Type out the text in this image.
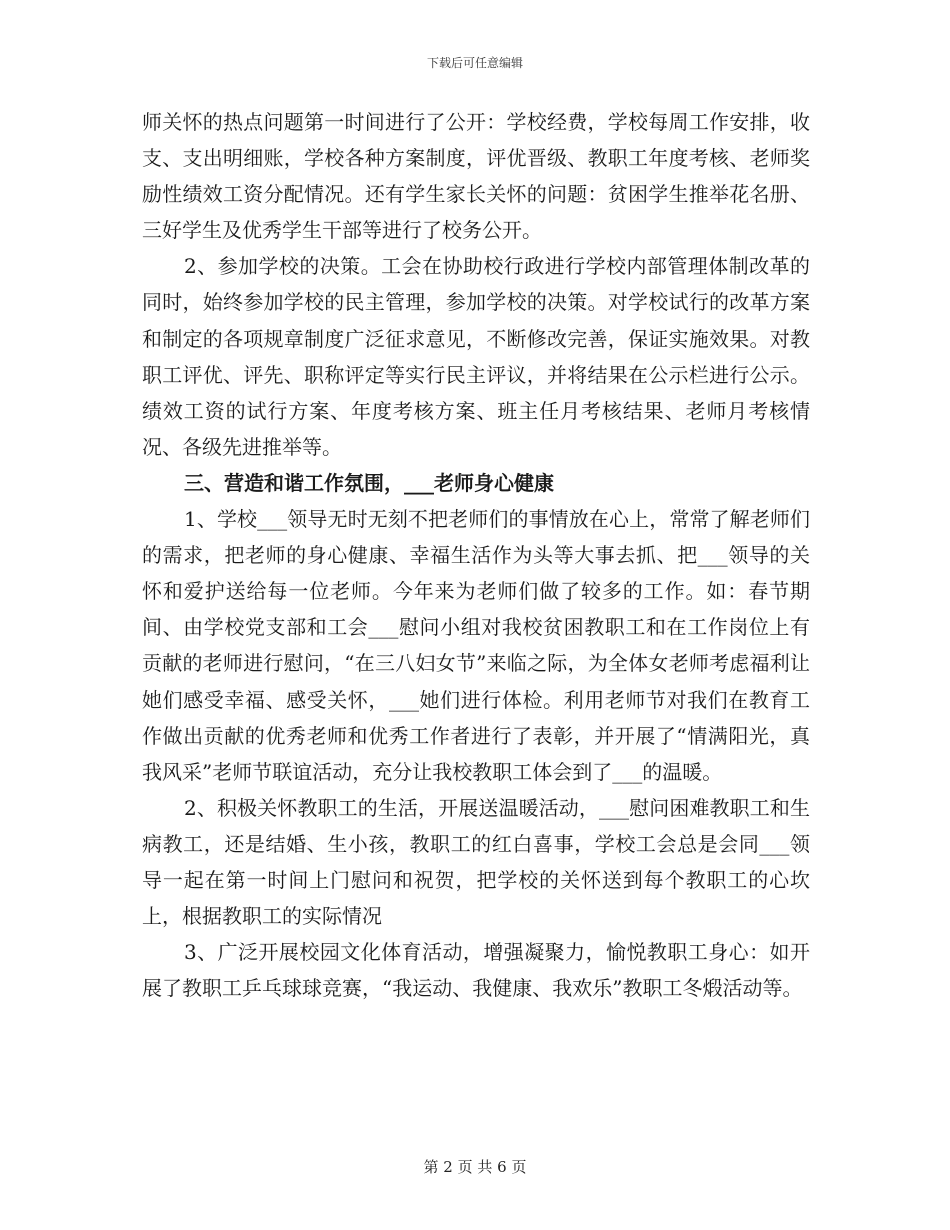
下载后可任意编辑

师关怀的热点问题第一时间进行了公开：学校经费，学校每周工作安排，收支、支出明细账，学校各种方案制度，评优晋级、教职工年度考核、老师奖励性绩效工资分配情况。还有学生家长关怀的问题：贫困学生推举花名册、三好学生及优秀学生干部等进行了校务公开。

2、参加学校的决策。工会在协助校行政进行学校内部管理体制改革的同时，始终参加学校的民主管理，参加学校的决策。对学校试行的改革方案和制定的各项规章制度广泛征求意见，不断修改完善，保证实施效果。对教职工评优、评先、职称评定等实行民主评议，并将结果在公示栏进行公示。绩效工资的试行方案、年度考核方案、班主任月考核结果、老师月考核情况、各级先进推举等。

三、营造和谐工作氛围，___老师身心健康

1、学校___领导无时无刻不把老师们的事情放在心上，常常了解老师们的需求，把老师的身心健康、幸福生活作为头等大事去抓、把___领导的关怀和爱护送给每一位老师。今年来为老师们做了较多的工作。如：春节期间、由学校党支部和工会___慰问小组对我校贫困教职工和在工作岗位上有贡献的老师进行慰问，“在三八妇女节”来临之际，为全体女老师考虑福利让她们感受幸福、感受关怀，___她们进行体检。利用老师节对我们在教育工作做出贡献的优秀老师和优秀工作者进行了表彰，并开展了“情满阳光，真我风采”老师节联谊活动，充分让我校教职工体会到了___的温暖。

2、积极关怀教职工的生活，开展送温暖活动，___慰问困难教职工和生病教工，还是结婚、生小孩，教职工的红白喜事，学校工会总是会同___领导一起在第一时间上门慰问和祝贺，把学校的关怀送到每个教职工的心坎上，根据教职工的实际情况

3、广泛开展校园文化体育活动，增强凝聚力，愉悦教职工身心：如开展了教职工乒乓球球竞赛，“我运动、我健康、我欢乐”教职工冬煅活动等。

第 2 页 共 6 页
